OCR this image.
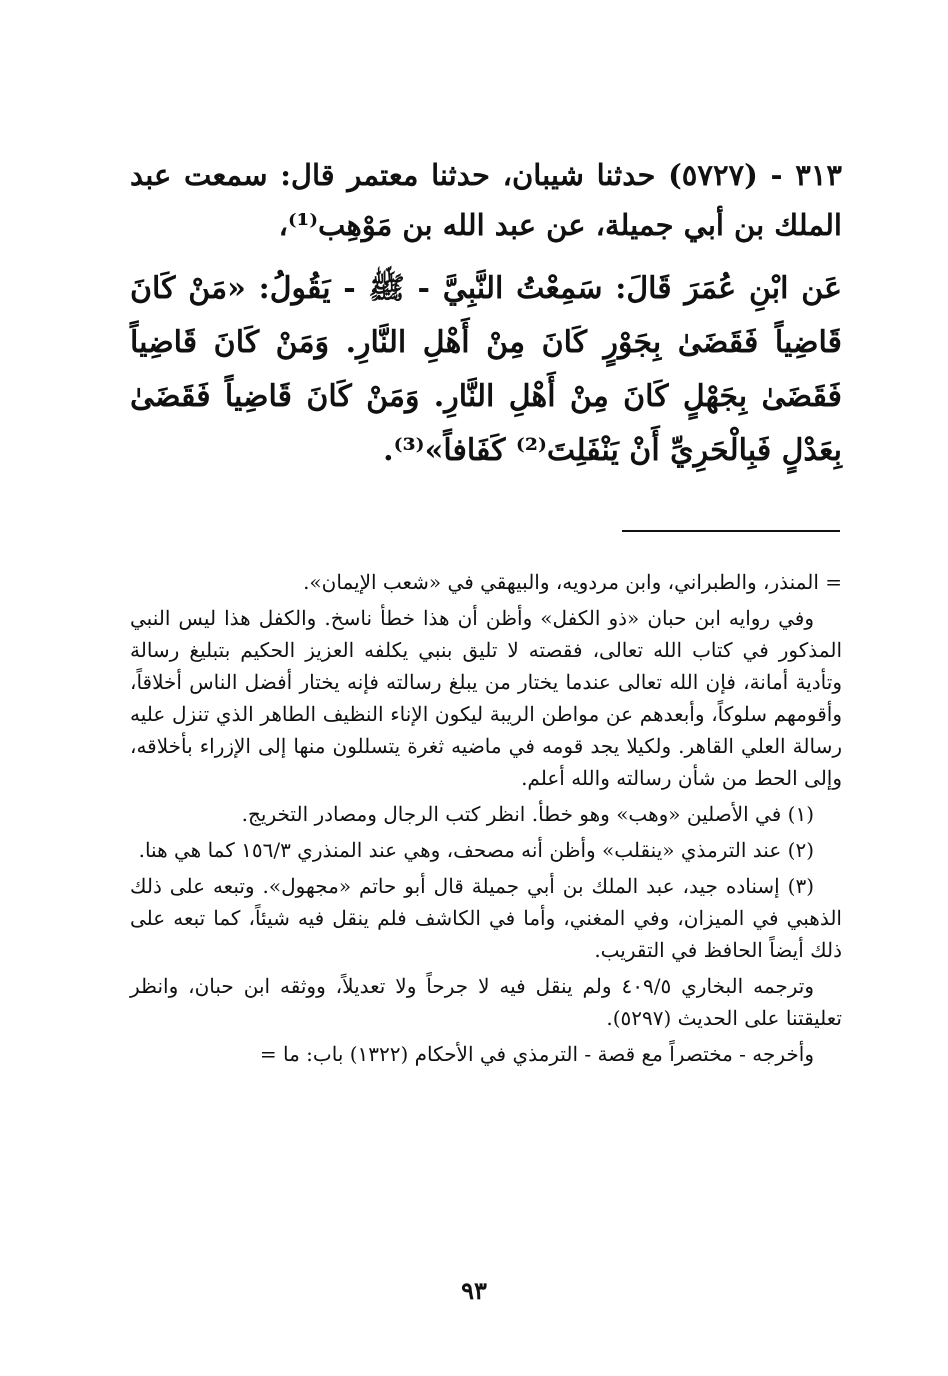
٣١٣ - (٥٧٢٧) حدثنا شيبان، حدثنا معتمر قال: سمعت عبد الملك بن أبي جميلة، عن عبد الله بن مَوْهِب⁽¹⁾،

عَن ابْنِ عُمَرَ قَالَ: سَمِعْتُ النَّبِيَّ - ﷺ - يَقُولُ: «مَنْ كَانَ قَاضِياً فَقَضَىٰ بِجَوْرٍ كَانَ مِنْ أَهْلِ النَّارِ. وَمَنْ كَانَ قَاضِياً فَقَضَىٰ بِجَهْلٍ كَانَ مِنْ أَهْلِ النَّارِ. وَمَنْ كَانَ قَاضِياً فَقَضَىٰ بِعَدْلٍ فَبِالْحَرِيِّ أَنْ يَنْفَلِتَ⁽²⁾ كَفَافاً»⁽³⁾.

= المنذر، والطبراني، وابن مردويه، والبيهقي في «شعب الإيمان».

وفي روايه ابن حبان «ذو الكفل» وأظن أن هذا خطأ ناسخ. والكفل هذا ليس النبي المذكور في كتاب الله تعالى، فقصته لا تليق بنبي يكلفه العزيز الحكيم بتبليغ رسالة وتأدية أمانة، فإن الله تعالى عندما يختار من يبلغ رسالته فإنه يختار أفضل الناس أخلاقاً، وأقومهم سلوكاً، وأبعدهم عن مواطن الريبة ليكون الإناء النظيف الطاهر الذي تنزل عليه رسالة العلي القاهر. ولكيلا يجد قومه في ماضيه ثغرة يتسللون منها إلى الإزراء بأخلاقه، وإلى الحط من شأن رسالته والله أعلم.

(١) في الأصلين «وهب» وهو خطأ. انظر كتب الرجال ومصادر التخريج.

(٢) عند الترمذي «ينقلب» وأظن أنه مصحف، وهي عند المنذري ١٥٦/٣ كما هي هنا.

(٣) إسناده جيد، عبد الملك بن أبي جميلة قال أبو حاتم «مجهول». وتبعه على ذلك الذهبي في الميزان، وفي المغني، وأما في الكاشف فلم ينقل فيه شيئاً، كما تبعه على ذلك أيضاً الحافظ في التقريب.

وترجمه البخاري ٤٠٩/٥ ولم ينقل فيه لا جرحاً ولا تعديلاً، ووثقه ابن حبان، وانظر تعليقتنا على الحديث (٥٢٩٧).

وأخرجه - مختصراً مع قصة - الترمذي في الأحكام (١٣٢٢) باب: ما =

٩٣
